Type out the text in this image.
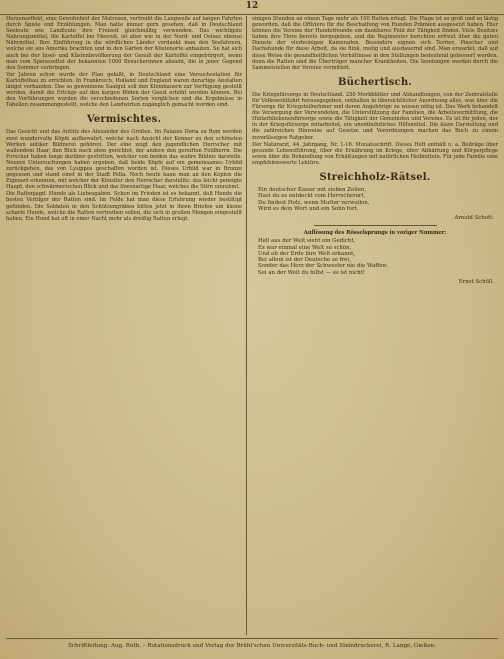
12

Herzenseffekt, eine Gewohnheit der Matrosen, vertreibt die Langweile auf langen Fahrten durch Spiele und Erzählungen. Man hatte immer gern gesehen, daß in Deutschland Seeleute wie Landleute ihre Freizeit gleichmäßig verwenden. Das wichtigste Nahrungsmittel, die Kartoffel bei Meereß, ist aber wie in der Nord- und Ostsee ebenso Nährmittel. Ihre Einführung in die nördlichen Länder verdankt man den Seefahrern, welche sie aus Amerika brachten und in den Gärten der Küstenorte anbauten. So hat sich auch bei der Insel- und Küstenbevölkerung der Genuß der Kartoffel eingebürgert, wenn man vom Speisezettel der bekannten 1000 Besucherinnen absieht, die in jener Gegend den Sommer verbringen.

Vor Jahren schon wurde der Plan gefaßt, in Deutschland eine Versuchsstation für Kartoffelbau zu errichten. In Frankreich, Holland und England waren derartige Anstalten längst vorhanden. Das so gewonnene Saatgut soll den Kleinbauern zur Verfügung gestellt werden, damit die Erträge auf den kargen Böden der Geest erhöht werden können. Bei den Vorführungen wurden die verschiedenen Sorten verglichen und die Ergebnisse in Tabellen zusammengestellt, welche den Landwirten zugänglich gemacht worden sind.

Vermischtes.

Das Gesicht und das Antlitz des Alexander des Großen. Im Palazzo Doria zu Rom werden zwei wundervolle Köpfe aufbewahrt, welche nach Ansicht der Kenner zu den schönsten Werken antiker Bildnerei gehören. Der eine zeigt den jugendlichen Herrscher mit wallendem Haar, den Blick nach oben gerichtet, der andere den gereiften Feldherrn. Die Forscher haben lange darüber gestritten, welcher von beiden das wahre Bildnis darstelle. Neuere Untersuchungen haben ergeben, daß beide Köpfe auf ein gemeinsames Urbild zurückgehen, das von Lysippos geschaffen worden ist. Dieses Urbild war in Bronze gegossen und stand einst in der Stadt Pella. Noch heute kann man an den Kopien die Eigenart erkennen, mit welcher der Künstler den Herrscher darstellte: das leicht geneigte Haupt, den schwärmerischen Blick und das löwenartige Haar, welches die Stirn umrahmt.

Die Rattenjagd. Hunde als Liebesgaben. Schon im Frieden ist es bekannt, daß Hunde die besten Vertilger der Ratten sind. Im Felde hat man diese Erfahrung wieder bestätigt gefunden. Die Soldaten in den Schützengräben bitten jetzt in ihren Briefen um kleine scharfe Hunde, welche die Ratten vertreiben sollen, die sich in großen Mengen eingestellt haben. Ein Hund hat oft in einer Nacht mehr als dreißig Ratten erlegt.

einigen Stunden an einem Tage mehr als 100 Ratten erlegt. Die Plage ist so groß und so lästig geworden, daß die Offiziere für die Beschaffung von Hunden Prämien ausgesetzt haben. Hier können die Vereine der Hundefreunde ein dankbares Feld der Tätigkeit finden. Viele Besitzer haben ihre Tiere bereits hergegeben, und die Regimenter berichten erfreut über die guten Dienste der vierbeinigen Kameraden. Besonders eignen sich Terrier, Pinscher und Dachshunde für diese Arbeit, da sie flink, mutig und ausdauernd sind. Man erwartet, daß auf diese Weise die gesundheitlichen Verhältnisse in den Stellungen bedeutend gebessert werden, denn die Ratten sind die Überträger mancher Krankheiten. Die Sendungen werden durch die Sammelstellen der Vereine vermittelt.

Büchertisch.

Die Kriegsfürsorge in Deutschland. 250 Merkblätter und Abhandlungen, von der Zentralstelle für Volkswohlfahrt herausgegeben, enthalten in übersichtlicher Anordnung alles, was über die Fürsorge für Kriegsteilnehmer und deren Angehörige zu wissen nötig ist. Das Werk behandelt die Versorgung der Verwundeten, die Unterstützung der Familien, die Arbeitsvermittlung, die Hinterbliebenenfürsorge sowie die Tätigkeit der Gemeinden und Vereine. Es ist für jeden, der in der Kriegsfürsorge mitarbeitet, ein unentbehrliches Hilfsmittel. Die klare Darstellung und die zahlreichen Hinweise auf Gesetze und Verordnungen machen das Buch zu einem zuverlässigen Ratgeber.

Der Naturarzt, 44. Jahrgang, Nr. 1-16. Monatsschrift. Dieses Heft enthält u. a. Beiträge über gesunde Lebensführung, über die Ernährung im Kriege, über Abhärtung und Körperpflege sowie über die Behandlung von Erkältungen mit natürlichen Heilmitteln. Für jede Familie eine empfehlenswerte Lektüre.

Streichholz-Rätsel.
Ein deutscher Kaiser mit sieben Zeilen,
Hast du es entdeckt vom Herrscherort,
Du findest Holz, wenn Mutter verweilen,
Wird es dein Wort und ein Sohn fort.
Arnold Schott.

Auflösung des Rösselsprungs in voriger Nummer:

Hell aus der Welt sieht ein Gedicht,
Es war einmal eine Welt so schön,
Und ob der Erde ihre Welt erkannt,
Bei allem ist der Deutsche so frei,
Sonder das Herz der Schwester nie die Waffen:
Sei an der Welt du hilfst — es ist nicht!
Ernst Schöll.
Schriftleitung: Aug. Roth. – Rotationsdruck und Verlag der Brühl'schen Universitäts-Buch- und Steindruckerei, R. Lange, Gießen.
